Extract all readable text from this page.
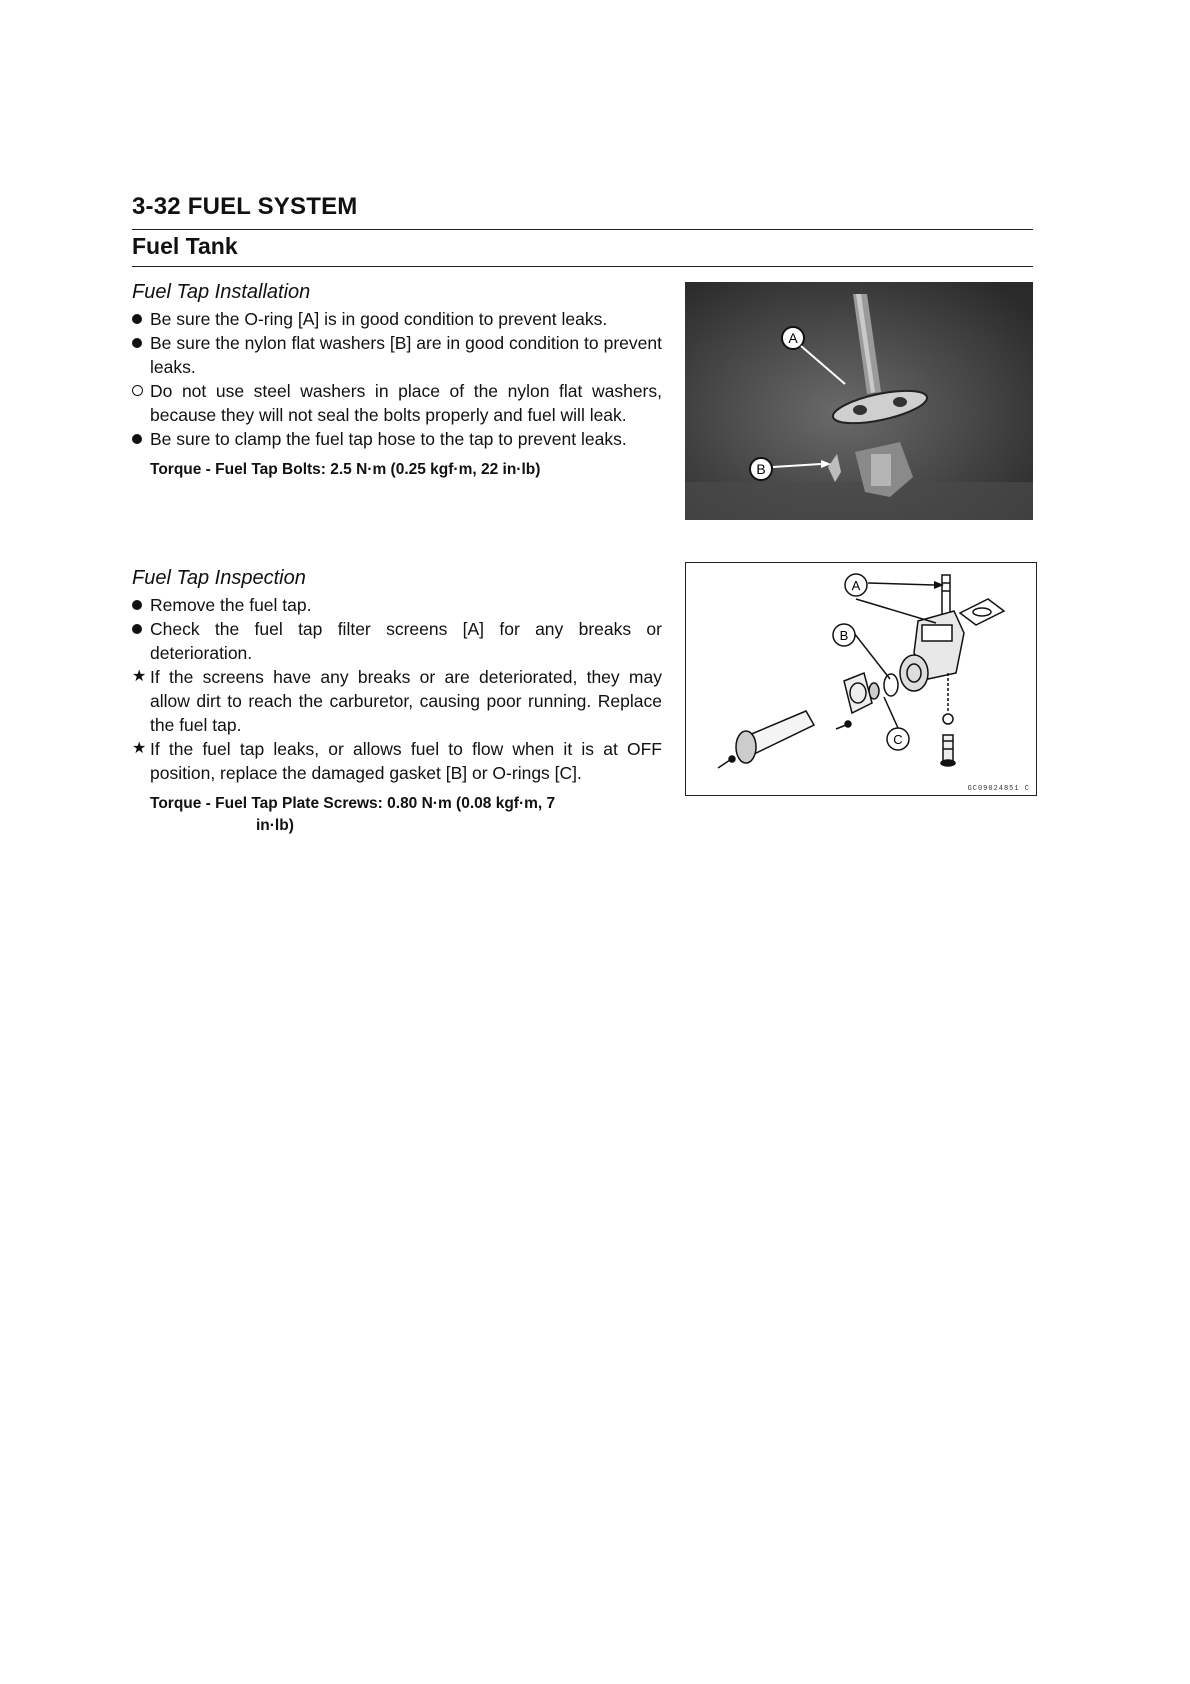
3-32 FUEL SYSTEM
Fuel Tank
Fuel Tap Installation
Be sure the O-ring [A] is in good condition to prevent leaks.
Be sure the nylon flat washers [B] are in good condition to prevent leaks.
Do not use steel washers in place of the nylon flat washers, because they will not seal the bolts properly and fuel will leak.
Be sure to clamp the fuel tap hose to the tap to prevent leaks.
Torque - Fuel Tap Bolts: 2.5 N·m (0.25 kgf·m, 22 in·lb)
Fuel Tap Inspection
Remove the fuel tap.
Check the fuel tap filter screens [A] for any breaks or deterioration.
★ If the screens have any breaks or are deteriorated, they may allow dirt to reach the carburetor, causing poor running. Replace the fuel tap.
★ If the fuel tap leaks, or allows fuel to flow when it is at OFF position, replace the damaged gasket [B] or O-rings [C].
Torque - Fuel Tap Plate Screws: 0.80 N·m (0.08 kgf·m, 7
in·lb)
A
B
A
B
C
GC09024851 C
